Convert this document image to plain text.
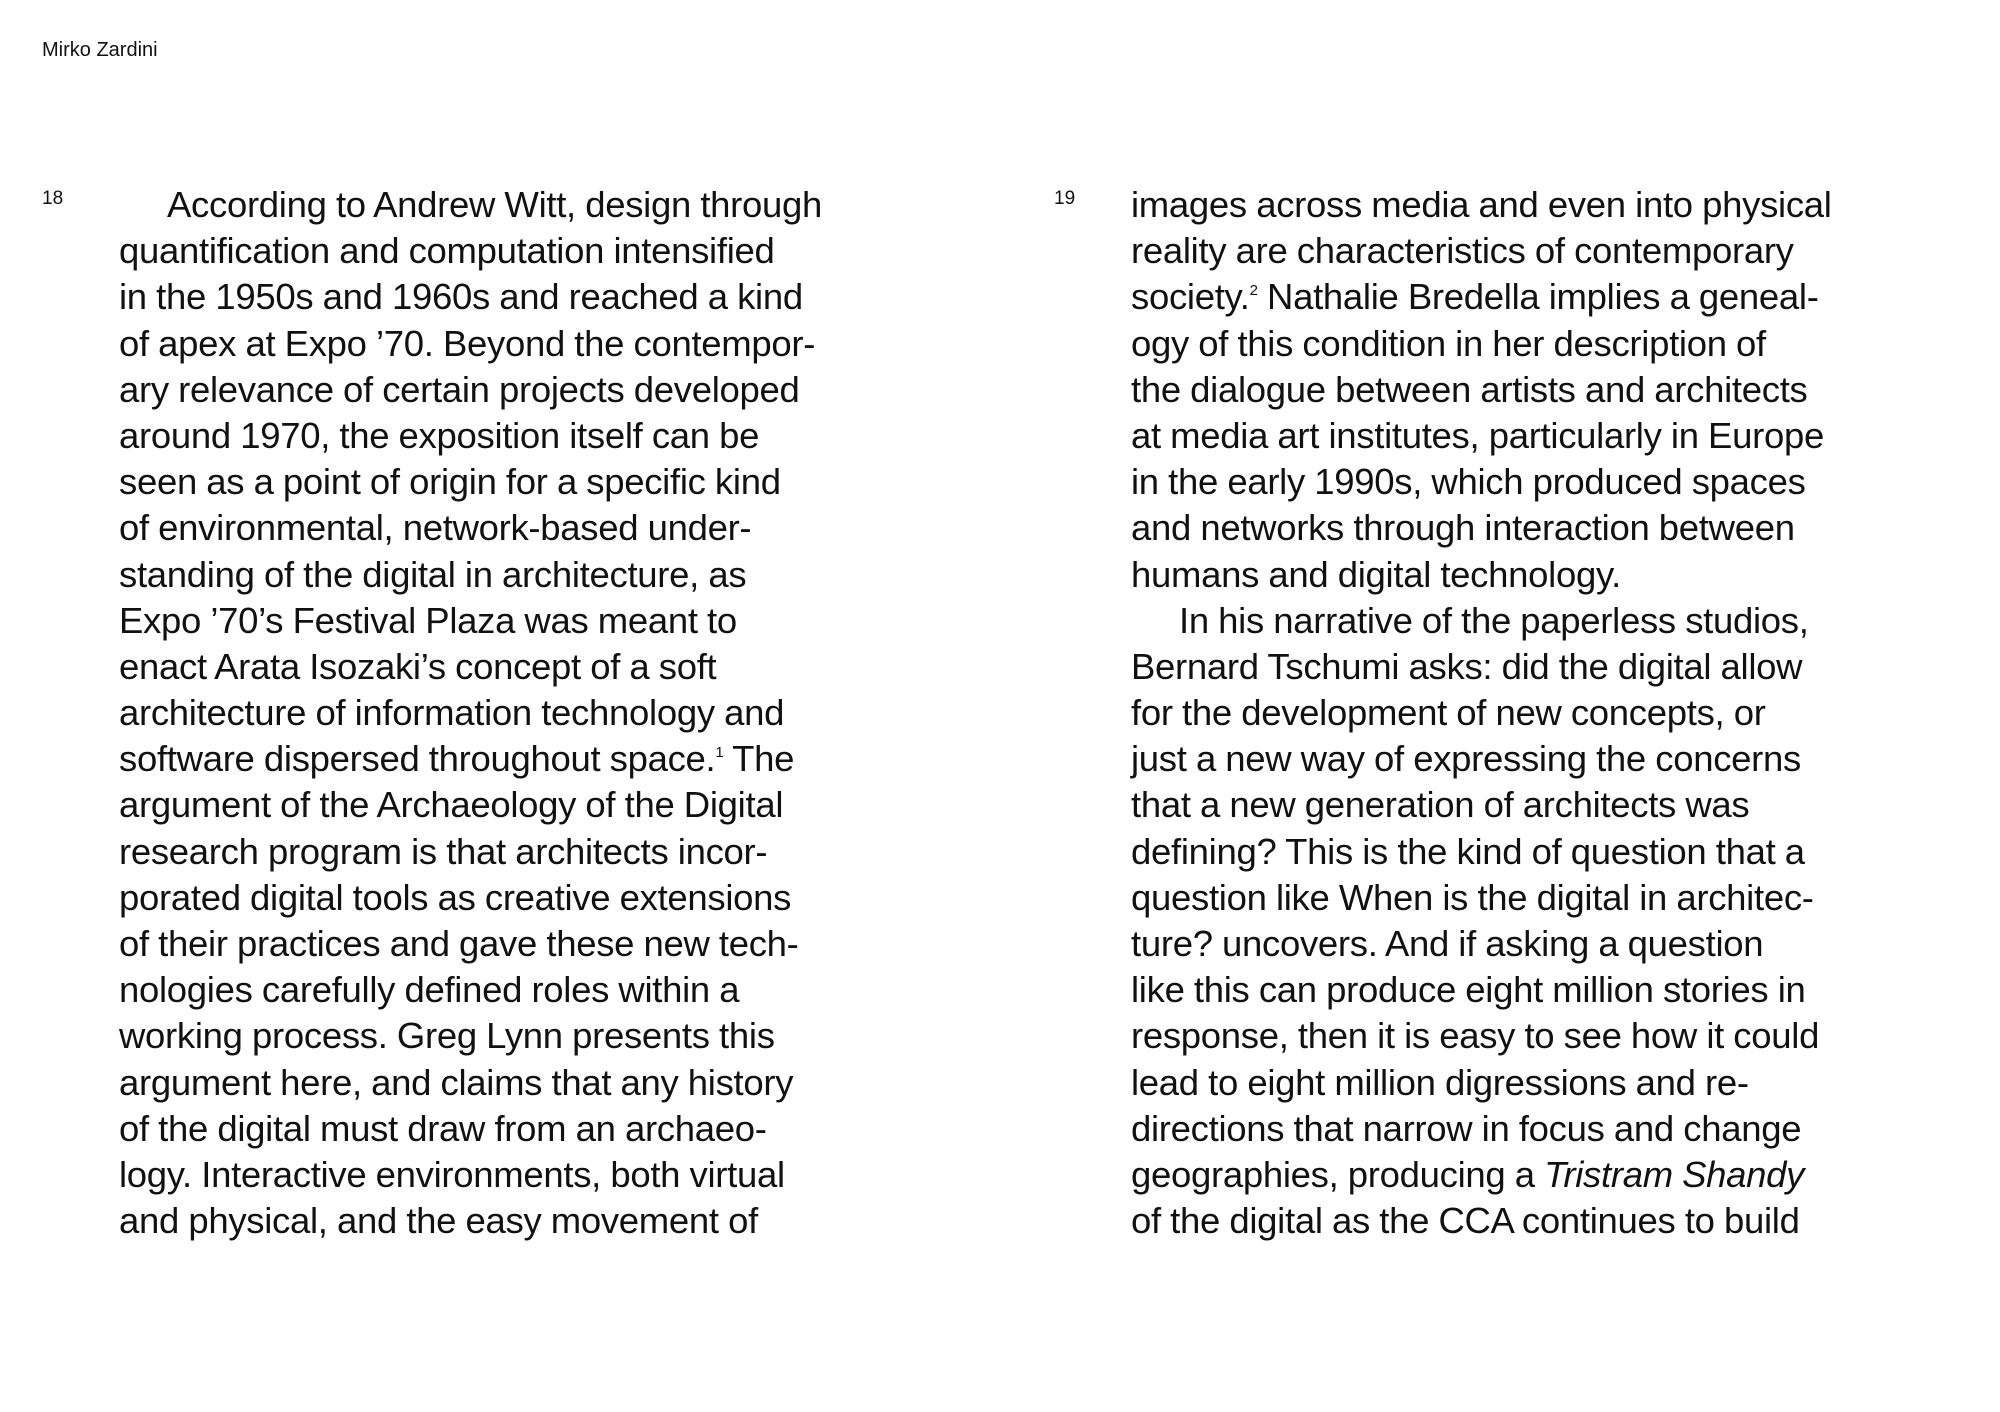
Mirko Zardini
18	19
According to Andrew Witt, design through
quantification and computation intensified
in the 1950s and 1960s and reached a kind
of apex at Expo ’70. Beyond the contempor-
ary relevance of certain projects developed
around 1970, the exposition itself can be
seen as a point of origin for a specific kind
of environmental, network-based under-
standing of the digital in architecture, as
Expo ’70’s Festival Plaza was meant to
enact Arata Isozaki’s concept of a soft
architecture of information technology and
software dispersed throughout space.$^1$ The
argument of the Archaeology of the Digital
research program is that architects incor-
porated digital tools as creative extensions
of their practices and gave these new tech-
nologies carefully defined roles within a
working process. Greg Lynn presents this
argument here, and claims that any history
of the digital must draw from an archaeo-
logy. Interactive environments, both virtual
and physical, and the easy movement of
images across media and even into physical
reality are characteristics of contemporary
society.$^2$ Nathalie Bredella implies a geneal-
ogy of this condition in her description of
the dialogue between artists and architects
at media art institutes, particularly in Europe
in the early 1990s, which produced spaces
and networks through interaction between
humans and digital technology.
In his narrative of the paperless studios,
Bernard Tschumi asks: did the digital allow
for the development of new concepts, or
just a new way of expressing the concerns
that a new generation of architects was
defining? This is the kind of question that a
question like When is the digital in architec-
ture? uncovers. And if asking a question
like this can produce eight million stories in
response, then it is easy to see how it could
lead to eight million digressions and re-
directions that narrow in focus and change
geographies, producing a Tristram Shandy
of the digital as the CCA continues to build
